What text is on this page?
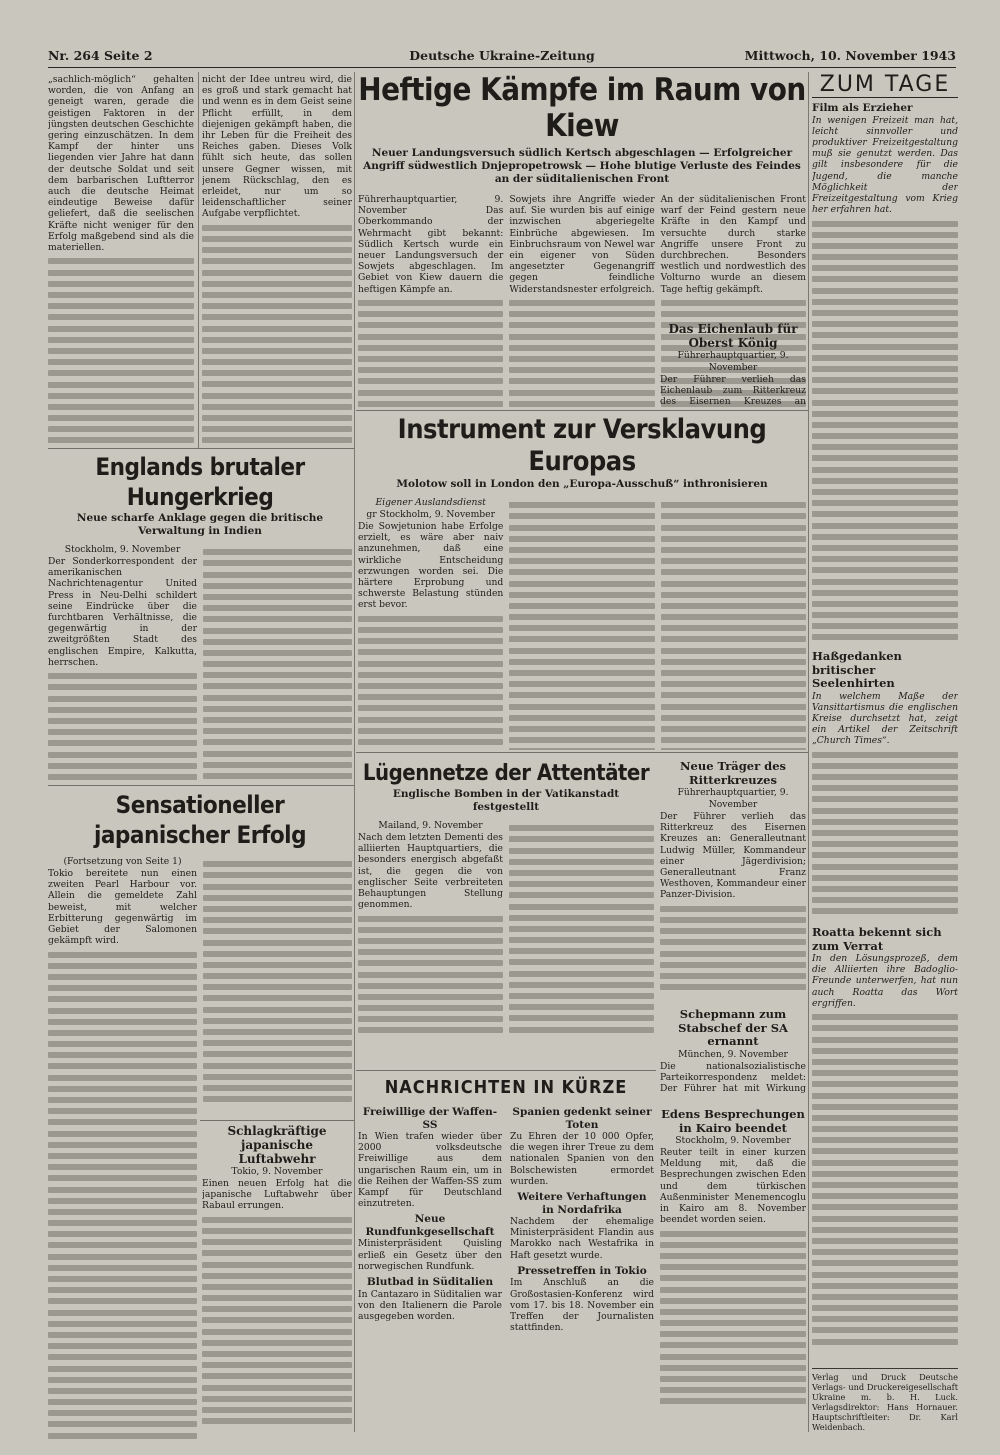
Nr. 264 Seite 2	Deutsche Ukraine-Zeitung	Mittwoch, 10. November 1943
„sachlich-möglich“ gehalten worden, die von Anfang an geneigt waren, gerade die geistigen Faktoren in der jüngsten deutschen Geschichte gering einzuschätzen. In dem Kampf der hinter uns liegenden vier Jahre hat dann der deutsche Soldat und seit dem barbarischen Luftterror auch die deutsche Heimat eindeutige Beweise dafür geliefert, daß die seelischen Kräfte nicht weniger für den Erfolg maßgebend sind als die materiellen.
nicht der Idee untreu wird, die es groß und stark gemacht hat und wenn es in dem Geist seine Pflicht erfüllt, in dem diejenigen gekämpft haben, die ihr Leben für die Freiheit des Reiches gaben. Dieses Volk fühlt sich heute, das sollen unsere Gegner wissen, mit jenem Rückschlag, den es erleidet, nur um so leidenschaftlicher seiner Aufgabe verpflichtet.
Heftige Kämpfe im Raum von Kiew
Neuer Landungsversuch südlich Kertsch abgeschlagen — Erfolgreicher Angriff südwestlich Dnjepropetrowsk — Hohe blutige Verluste des Feindes an der süditalienischen Front
Führerhauptquartier, 9. November Das Oberkommando der Wehrmacht gibt bekannt: Südlich Kertsch wurde ein neuer Landungsversuch der Sowjets abgeschlagen. Im Gebiet von Kiew dauern die heftigen Kämpfe an.
Sowjets ihre Angriffe wieder auf. Sie wurden bis auf einige inzwischen abgeriegelte Einbrüche abgewiesen. Im Einbruchsraum von Newel war ein eigener von Süden angesetzter Gegenangriff gegen feindliche Widerstandsnester erfolgreich.
An der süditalienischen Front warf der Feind gestern neue Kräfte in den Kampf und versuchte durch starke Angriffe unsere Front zu durchbrechen. Besonders westlich und nordwestlich des Volturno wurde an diesem Tage heftig gekämpft.
Das Eichenlaub für Oberst König
Führerhauptquartier, 9. November
Der Führer verlieh das Eichenlaub zum Ritterkreuz des Eisernen Kreuzes an
ZUM TAGE
Film als Erzieher
In wenigen Freizeit man hat, leicht sinnvoller und produktiver Freizeitgestaltung muß sie genutzt werden. Das gilt insbesondere für die Jugend, die manche Möglichkeit der Freizeitgestaltung vom Krieg her erfahren hat.
Instrument zur Versklavung Europas
Molotow soll in London den „Europa-Ausschuß“ inthronisieren
Eigener Auslandsdienst
gr Stockholm, 9. November
Die Sowjetunion habe Erfolge erzielt, es wäre aber naiv anzunehmen, daß eine wirkliche Entscheidung erzwungen worden sei. Die härtere Erprobung und schwerste Belastung stünden erst bevor.
Englands brutaler Hungerkrieg
Neue scharfe Anklage gegen die britische Verwaltung in Indien
Stockholm, 9. November
Der Sonderkorrespondent der amerikanischen Nachrichtenagentur United Press in Neu-Delhi schildert seine Eindrücke über die furchtbaren Verhältnisse, die gegenwärtig in der zweitgrößten Stadt des englischen Empire, Kalkutta, herrschen.
Sensationeller japanischer Erfolg
(Fortsetzung von Seite 1)
Tokio bereitete nun einen zweiten Pearl Harbour vor. Allein die gemeldete Zahl beweist, mit welcher Erbitterung gegenwärtig im Gebiet der Salomonen gekämpft wird.
Schlagkräftige japanische Luftabwehr
Tokio, 9. November
Einen neuen Erfolg hat die japanische Luftabwehr über Rabaul errungen.
Lügennetze der Attentäter
Englische Bomben in der Vatikanstadt festgestellt
Mailand, 9. November
Nach dem letzten Dementi des alliierten Hauptquartiers, die besonders energisch abgefaßt ist, die gegen die von englischer Seite verbreiteten Behauptungen Stellung genommen.
Neue Träger des Ritterkreuzes
Führerhauptquartier, 9. November
Der Führer verlieh das Ritterkreuz des Eisernen Kreuzes an: Generalleutnant Ludwig Müller, Kommandeur einer Jägerdivision; Generalleutnant Franz Westhoven, Kommandeur einer Panzer-Division.
Schepmann zum Stabschef der SA ernannt
München, 9. November
Die nationalsozialistische Parteikorrespondenz meldet: Der Führer hat mit Wirkung
Edens Besprechungen in Kairo beendet
Stockholm, 9. November
Reuter teilt in einer kurzen Meldung mit, daß die Besprechungen zwischen Eden und dem türkischen Außenminister Menemencoglu in Kairo am 8. November beendet worden seien.
NACHRICHTEN IN KÜRZE
Freiwillige der Waffen-SS
In Wien trafen wieder über 2000 volksdeutsche Freiwillige aus dem ungarischen Raum ein, um in die Reihen der Waffen-SS zum Kampf für Deutschland einzutreten.
Neue Rundfunkgesellschaft
Ministerpräsident Quisling erließ ein Gesetz über den norwegischen Rundfunk.
Blutbad in Süditalien
In Cantazaro in Süditalien war von den Italienern die Parole ausgegeben worden.
Spanien gedenkt seiner Toten
Zu Ehren der 10 000 Opfer, die wegen ihrer Treue zu dem nationalen Spanien von den Bolschewisten ermordet wurden.
Weitere Verhaftungen in Nordafrika
Nachdem der ehemalige Ministerpräsident Flandin aus Marokko nach Westafrika in Haft gesetzt wurde.
Pressetreffen in Tokio
Im Anschluß an die Großostasien-Konferenz wird vom 17. bis 18. November ein Treffen der Journalisten stattfinden.
Haßgedanken britischer Seelenhirten
In welchem Maße der Vansittartismus die englischen Kreise durchsetzt hat, zeigt ein Artikel der Zeitschrift „Church Times“.
Roatta bekennt sich zum Verrat
In den Lösungsprozeß, dem die Alliierten ihre Badoglio-Freunde unterwerfen, hat nun auch Roatta das Wort ergriffen.
Verlag und Druck Deutsche Verlags- und Druckereigesellschaft Ukraine m. b. H. Luck. Verlagsdirektor: Hans Hornauer. Hauptschriftleiter: Dr. Karl Weidenbach.
